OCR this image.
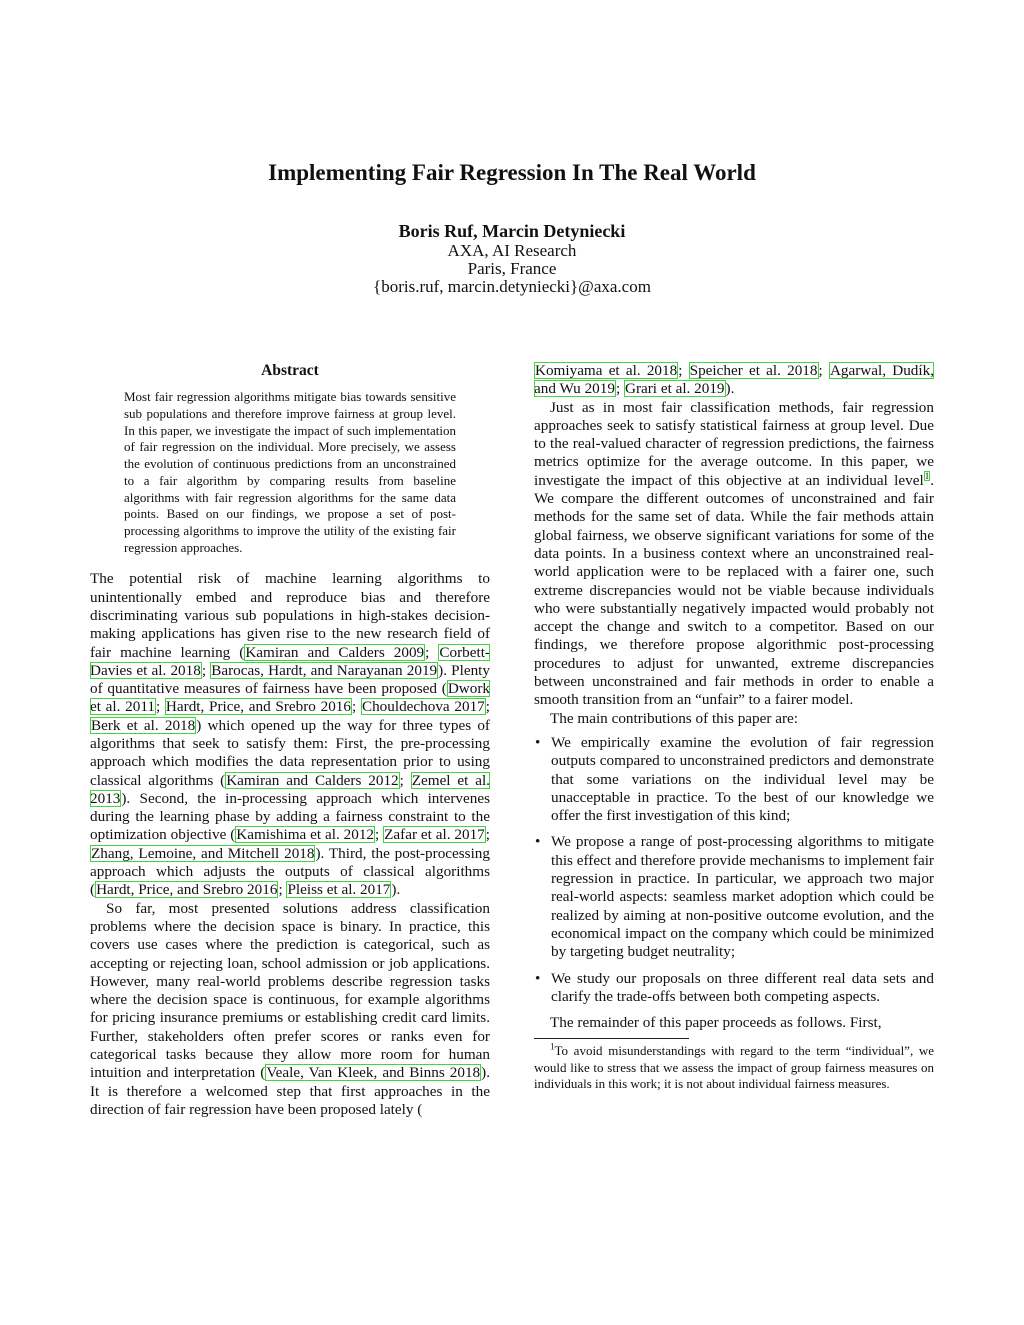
Implementing Fair Regression In The Real World
Boris Ruf, Marcin Detyniecki
AXA, AI Research
Paris, France
{boris.ruf, marcin.detyniecki}@axa.com
Abstract

Most fair regression algorithms mitigate bias towards sensitive sub populations and therefore improve fairness at group level. In this paper, we investigate the impact of such implementation of fair regression on the individual. More precisely, we assess the evolution of continuous predictions from an unconstrained to a fair algorithm by comparing results from baseline algorithms with fair regression algorithms for the same data points. Based on our findings, we propose a set of post-processing algorithms to improve the utility of the existing fair regression approaches.

The potential risk of machine learning algorithms to unintentionally embed and reproduce bias and therefore discriminating various sub populations in high-stakes decision-making applications has given rise to the new research field of fair machine learning (Kamiran and Calders 2009; Corbett-Davies et al. 2018; Barocas, Hardt, and Narayanan 2019). Plenty of quantitative measures of fairness have been proposed (Dwork et al. 2011; Hardt, Price, and Srebro 2016; Chouldechova 2017; Berk et al. 2018) which opened up the way for three types of algorithms that seek to satisfy them: First, the pre-processing approach which modifies the data representation prior to using classical algorithms (Kamiran and Calders 2012; Zemel et al. 2013). Second, the in-processing approach which intervenes during the learning phase by adding a fairness constraint to the optimization objective (Kamishima et al. 2012; Zafar et al. 2017; Zhang, Lemoine, and Mitchell 2018). Third, the post-processing approach which adjusts the outputs of classical algorithms (Hardt, Price, and Srebro 2016; Pleiss et al. 2017).

So far, most presented solutions address classification problems where the decision space is binary. In practice, this covers use cases where the prediction is categorical, such as accepting or rejecting loan, school admission or job applications. However, many real-world problems describe regression tasks where the decision space is continuous, for example algorithms for pricing insurance premiums or establishing credit card limits. Further, stakeholders often prefer scores or ranks even for categorical tasks because they allow more room for human intuition and interpretation (Veale, Van Kleek, and Binns 2018). It is therefore a welcomed step that first approaches in the direction of fair regression have been proposed lately (

Komiyama et al. 2018; Speicher et al. 2018; Agarwal, Dudík, and Wu 2019; Grari et al. 2019).

Just as in most fair classification methods, fair regression approaches seek to satisfy statistical fairness at group level. Due to the real-valued character of regression predictions, the fairness metrics optimize for the average outcome. In this paper, we investigate the impact of this objective at an individual level$^1$. We compare the different outcomes of unconstrained and fair methods for the same set of data. While the fair methods attain global fairness, we observe significant variations for some of the data points. In a business context where an unconstrained real-world application were to be replaced with a fairer one, such extreme discrepancies would not be viable because individuals who were substantially negatively impacted would probably not accept the change and switch to a competitor. Based on our findings, we therefore propose algorithmic post-processing procedures to adjust for unwanted, extreme discrepancies between unconstrained and fair methods in order to enable a smooth transition from an “unfair” to a fairer model.

The main contributions of this paper are:

• We empirically examine the evolution of fair regression outputs compared to unconstrained predictors and demonstrate that some variations on the individual level may be unacceptable in practice. To the best of our knowledge we offer the first investigation of this kind;
• We propose a range of post-processing algorithms to mitigate this effect and therefore provide mechanisms to implement fair regression in practice. In particular, we approach two major real-world aspects: seamless market adoption which could be realized by aiming at non-positive outcome evolution, and the economical impact on the company which could be minimized by targeting budget neutrality;
• We study our proposals on three different real data sets and clarify the trade-offs between both competing aspects.

The remainder of this paper proceeds as follows. First,

$^1$To avoid misunderstandings with regard to the term “individual”, we would like to stress that we assess the impact of group fairness measures on individuals in this work; it is not about individual fairness measures.
